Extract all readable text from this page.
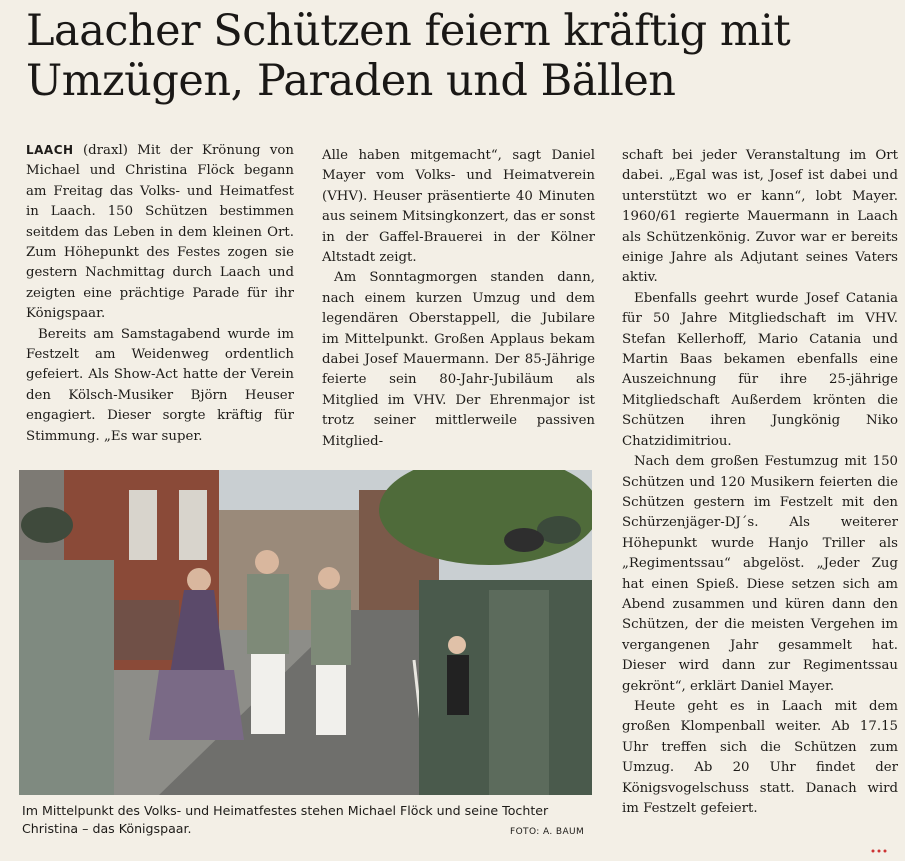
Laacher Schützen feiern kräftig mit
Umzügen, Paraden und Bällen

LAACH (draxl) Mit der Krönung von Michael und Christina Flöck begann am Freitag das Volks- und Heimatfest in Laach. 150 Schützen bestimmen seitdem das Leben in dem kleinen Ort. Zum Höhepunkt des Festes zogen sie gestern Nachmittag durch Laach und zeigten eine prächtige Parade für ihr Königspaar.

Bereits am Samstagabend wurde im Festzelt am Weidenweg ordentlich gefeiert. Als Show-Act hatte der Verein den Kölsch-Musiker Björn Heuser engagiert. Dieser sorgte kräftig für Stimmung. „Es war super.

Alle haben mitgemacht“, sagt Daniel Mayer vom Volks- und Heimatverein (VHV). Heuser präsentierte 40 Minuten aus seinem Mitsingkonzert, das er sonst in der Gaffel-Brauerei in der Kölner Altstadt zeigt.

Am Sonntagmorgen standen dann, nach einem kurzen Umzug und dem legendären Oberstappell, die Jubilare im Mittelpunkt. Großen Applaus bekam dabei Josef Mauermann. Der 85-Jährige feierte sein 80-Jahr-Jubiläum als Mitglied im VHV. Der Ehrenmajor ist trotz seiner mittlerweile passiven Mitglied-

schaft bei jeder Veranstaltung im Ort dabei. „Egal was ist, Josef ist dabei und unterstützt wo er kann“, lobt Mayer. 1960/61 regierte Mauermann in Laach als Schützenkönig. Zuvor war er bereits einige Jahre als Adjutant seines Vaters aktiv.

Ebenfalls geehrt wurde Josef Catania für 50 Jahre Mitgliedschaft im VHV. Stefan Kellerhoff, Mario Catania und Martin Baas bekamen ebenfalls eine Auszeichnung für ihre 25-jährige Mitgliedschaft Außerdem krönten die Schützen ihren Jungkönig Niko Chatzidimitriou.

Nach dem großen Festumzug mit 150 Schützen und 120 Musikern feierten die Schützen gestern im Festzelt mit den Schürzenjäger-DJ´s. Als weiterer Höhepunkt wurde Hanjo Triller als „Regimentssau“ abgelöst. „Jeder Zug hat einen Spieß. Diese setzen sich am Abend zusammen und küren dann den Schützen, der die meisten Vergehen im vergangenen Jahr gesammelt hat. Dieser wird dann zur Regimentssau gekrönt“, erklärt Daniel Mayer.

Heute geht es in Laach mit dem großen Klompenball weiter. Ab 17.15 Uhr treffen sich die Schützen zum Umzug. Ab 20 Uhr findet der Königsvogelschuss statt. Danach wird im Festzelt gefeiert.

Im Mittelpunkt des Volks- und Heimatfestes stehen Michael Flöck und seine Tochter Christina – das Königspaar.	FOTO: A. BAUM
